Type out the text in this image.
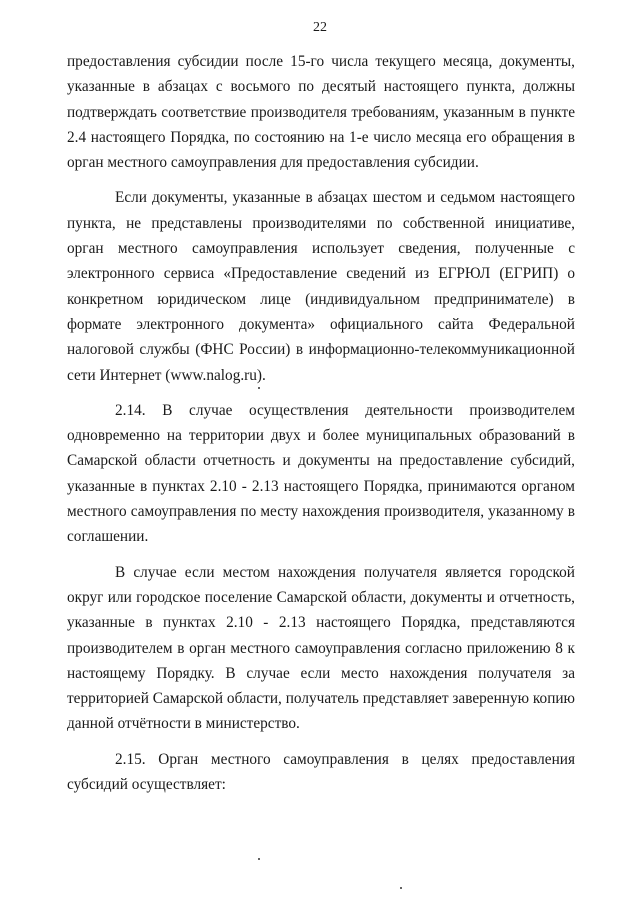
22

предоставления субсидии после 15-го числа текущего месяца, документы, указанные в абзацах с восьмого по десятый настоящего пункта, должны подтверждать соответствие производителя требованиям, указанным в пункте 2.4 настоящего Порядка, по состоянию на 1-е число месяца его обращения в орган местного самоуправления для предоставления субсидии.

Если документы, указанные в абзацах шестом и седьмом настоящего пункта, не представлены производителями по собственной инициативе, орган местного самоуправления использует сведения, полученные с электронного сервиса «Предоставление сведений из ЕГРЮЛ (ЕГРИП) о конкретном юридическом лице (индивидуальном предпринимателе) в формате электронного документа» официального сайта Федеральной налоговой службы (ФНС России) в информационно-телекоммуникационной сети Интернет (www.nalog.ru).

2.14. В случае осуществления деятельности производителем одновременно на территории двух и более муниципальных образований в Самарской области отчетность и документы на предоставление субсидий, указанные в пунктах 2.10 - 2.13 настоящего Порядка, принимаются органом местного самоуправления по месту нахождения производителя, указанному в соглашении.

В случае если местом нахождения получателя является городской округ или городское поселение Самарской области, документы и отчетность, указанные в пунктах 2.10 - 2.13 настоящего Порядка, представляются производителем в орган местного самоуправления согласно приложению 8 к настоящему Порядку. В случае если место нахождения получателя за территорией Самарской области, получатель представляет заверенную копию данной отчётности в министерство.

2.15. Орган местного самоуправления в целях предоставления субсидий осуществляет:
